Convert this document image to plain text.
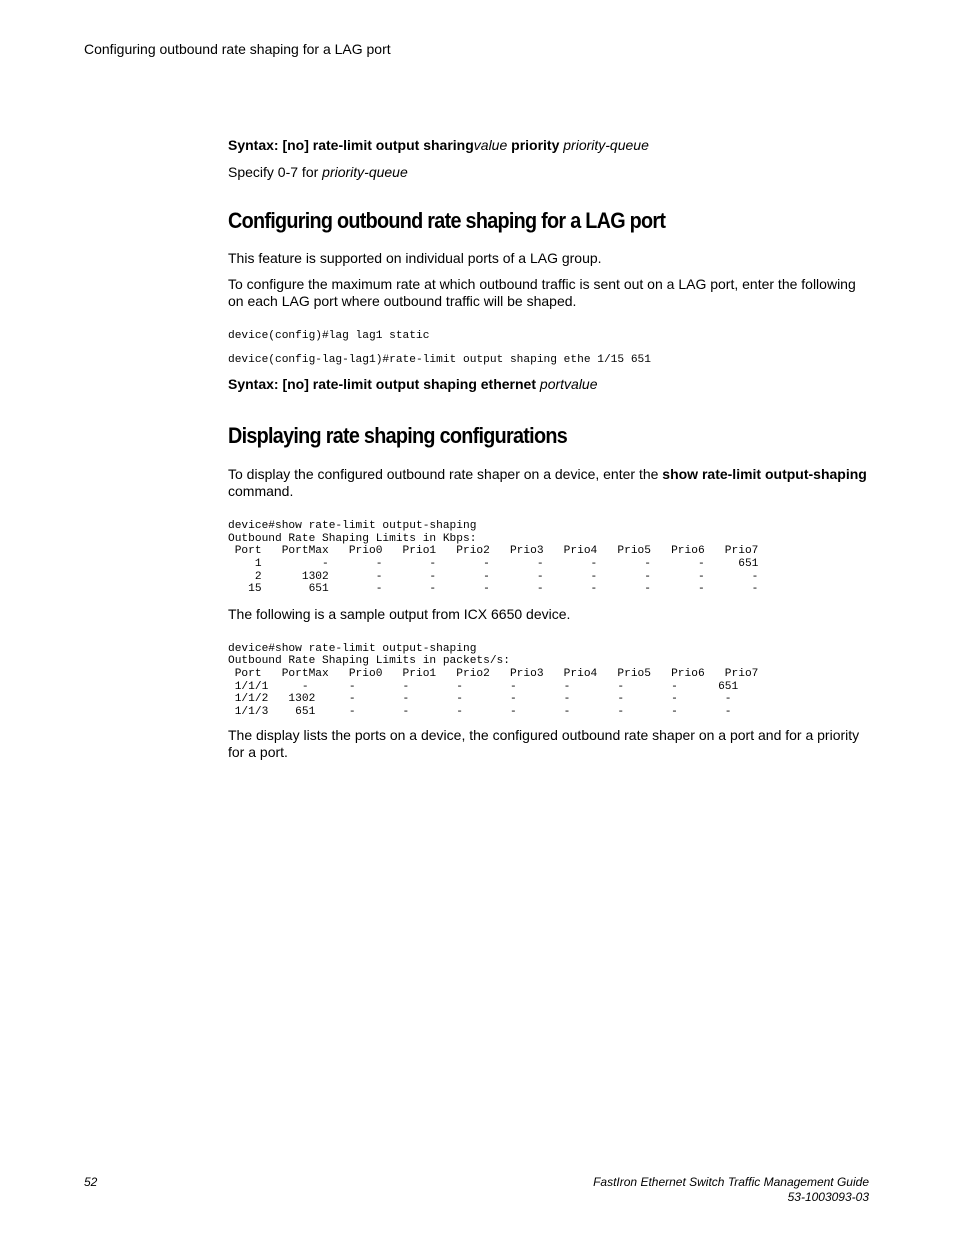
Configuring outbound rate shaping for a LAG port

Syntax: [no] rate-limit output sharingvalue priority priority-queue

Specify 0-7 for priority-queue

Configuring outbound rate shaping for a LAG port

This feature is supported on individual ports of a LAG group.

To configure the maximum rate at which outbound traffic is sent out on a LAG port, enter the following on each LAG port where outbound traffic will be shaped.

device(config)#lag lag1 static
device(config-lag-lag1)#rate-limit output shaping ethe 1/15 651

Syntax: [no] rate-limit output shaping ethernet portvalue

Displaying rate shaping configurations

To display the configured outbound rate shaper on a device, enter the show rate-limit output-shaping command.

device#show rate-limit output-shaping
Outbound Rate Shaping Limits in Kbps:
Port   PortMax   Prio0   Prio1   Prio2   Prio3   Prio4   Prio5   Prio6   Prio7
1         -       -       -       -       -       -       -       -     651
2      1302       -       -       -       -       -       -       -       -
15       651       -       -       -       -       -       -       -       -

The following is a sample output from ICX 6650 device.

device#show rate-limit output-shaping
Outbound Rate Shaping Limits in packets/s:
Port   PortMax   Prio0   Prio1   Prio2   Prio3   Prio4   Prio5   Prio6   Prio7
1/1/1     -      -       -       -       -       -       -       -      651
1/1/2   1302     -       -       -       -       -       -       -       -
1/1/3    651     -       -       -       -       -       -       -       -

The display lists the ports on a device, the configured outbound rate shaper on a port and for a priority for a port.

52	FastIron Ethernet Switch Traffic Management Guide
53-1003093-03
